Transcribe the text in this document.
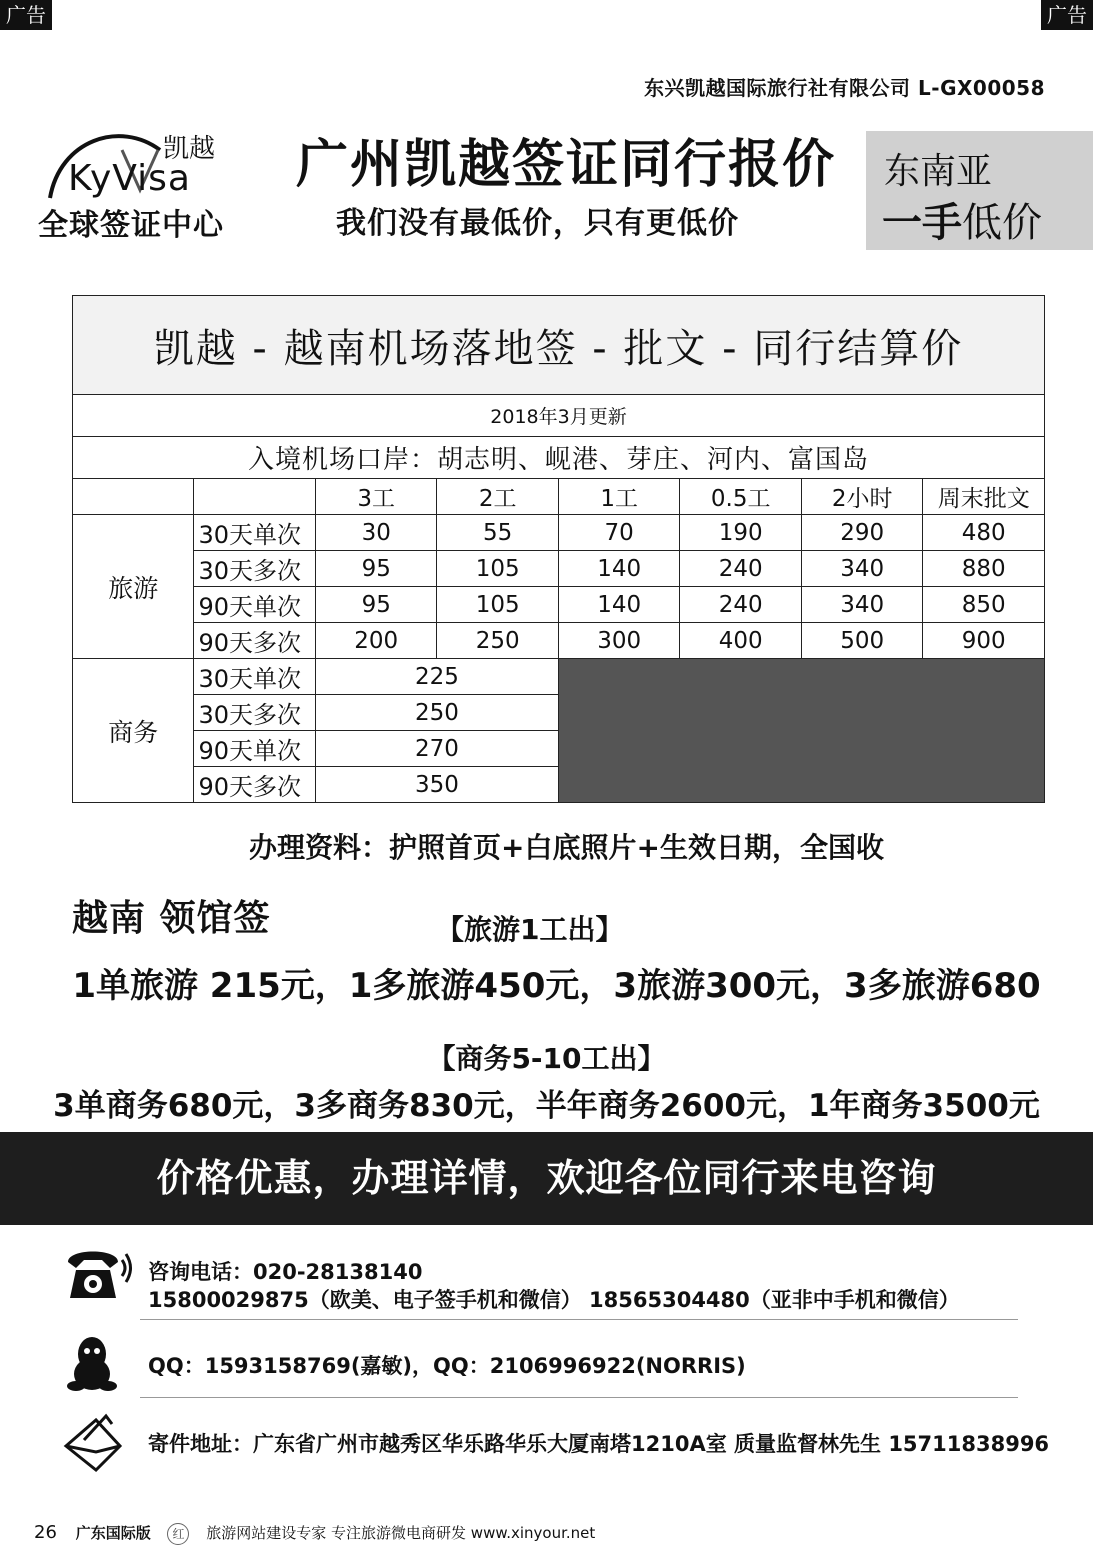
广告	广告
东兴凯越国际旅行社有限公司 L-GX00058
凯越
KyVisa
全球签证中心
广州凯越签证同行报价
我们没有最低价，只有更低价
东南亚
一手低价
凯越 - 越南机场落地签 - 批文 - 同行结算价							
2018年3月更新							
入境机场口岸：胡志明、岘港、芽庄、河内、富国岛							
		3工	2工	1工	0.5工	2小时	周末批文
旅游	30天单次	30	55	70	190	290	480
	30天多次	95	105	140	240	340	880
	90天单次	95	105	140	240	340	850
	90天多次	200	250	300	400	500	900
商务	30天单次	225					
	30天多次	250					
	90天单次	270					
	90天多次	350					
办理资料：护照首页+白底照片+生效日期，全国收
越南 领馆签	【旅游1工出】
1单旅游 215元，1多旅游450元，3旅游300元，3多旅游680
【商务5-10工出】
3单商务680元，3多商务830元，半年商务2600元，1年商务3500元
价格优惠，办理详情，欢迎各位同行来电咨询
咨询电话：020-28138140
15800029875（欧美、电子签手机和微信） 18565304480（亚非中手机和微信）
QQ：1593158769(嘉敏)，QQ：2106996922(NORRIS)
寄件地址：广东省广州市越秀区华乐路华乐大厦南塔1210A室 质量监督林先生 15711838996
26 广东国际版 红 旅游网站建设专家 专注旅游微电商研发 www.xinyour.net
